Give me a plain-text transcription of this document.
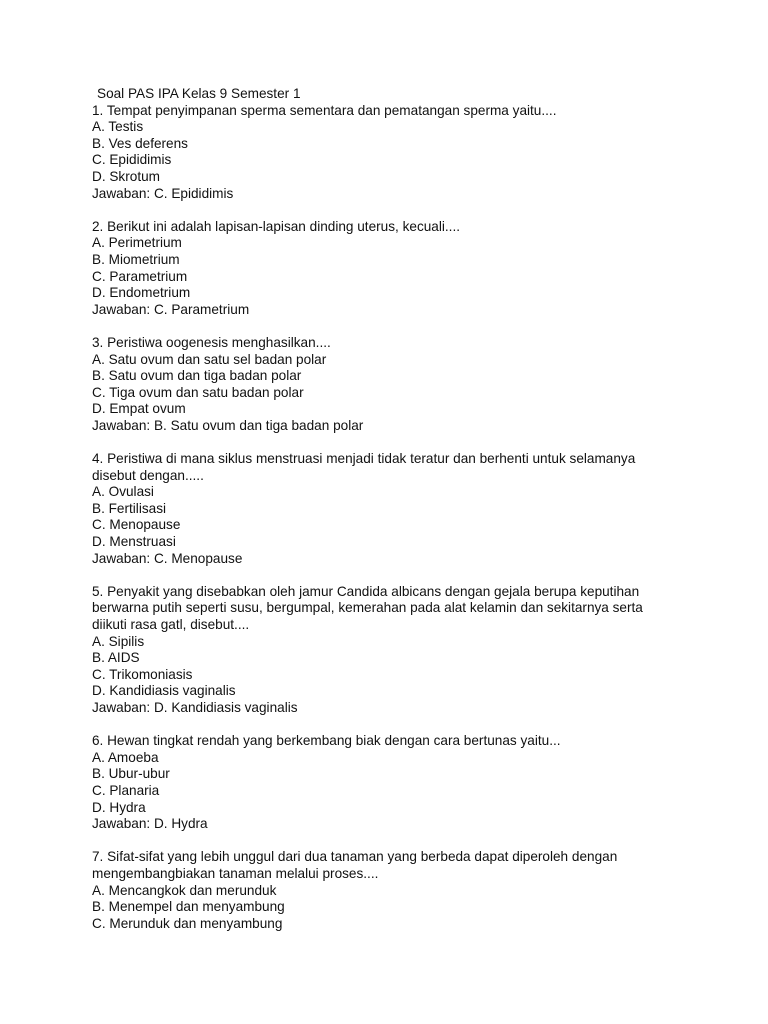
Soal PAS IPA Kelas 9 Semester 1
1. Tempat penyimpanan sperma sementara dan pematangan sperma yaitu....
A. Testis
B. Ves deferens
C. Epididimis
D. Skrotum
Jawaban: C. Epididimis
2. Berikut ini adalah lapisan-lapisan dinding uterus, kecuali....
A. Perimetrium
B. Miometrium
C. Parametrium
D. Endometrium
Jawaban: C. Parametrium
3. Peristiwa oogenesis menghasilkan....
A. Satu ovum dan satu sel badan polar
B. Satu ovum dan tiga badan polar
C. Tiga ovum dan satu badan polar
D. Empat ovum
Jawaban: B. Satu ovum dan tiga badan polar
4. Peristiwa di mana siklus menstruasi menjadi tidak teratur dan berhenti untuk selamanya
disebut dengan.....
A. Ovulasi
B. Fertilisasi
C. Menopause
D. Menstruasi
Jawaban: C. Menopause
5. Penyakit yang disebabkan oleh jamur Candida albicans dengan gejala berupa keputihan
berwarna putih seperti susu, bergumpal, kemerahan pada alat kelamin dan sekitarnya serta
diikuti rasa gatl, disebut....
A. Sipilis
B. AIDS
C. Trikomoniasis
D. Kandidiasis vaginalis
Jawaban: D. Kandidiasis vaginalis
6. Hewan tingkat rendah yang berkembang biak dengan cara bertunas yaitu...
A. Amoeba
B. Ubur-ubur
C. Planaria
D. Hydra
Jawaban: D. Hydra
7. Sifat-sifat yang lebih unggul dari dua tanaman yang berbeda dapat diperoleh dengan
mengembangbiakan tanaman melalui proses....
A. Mencangkok dan merunduk
B. Menempel dan menyambung
C. Merunduk dan menyambung
